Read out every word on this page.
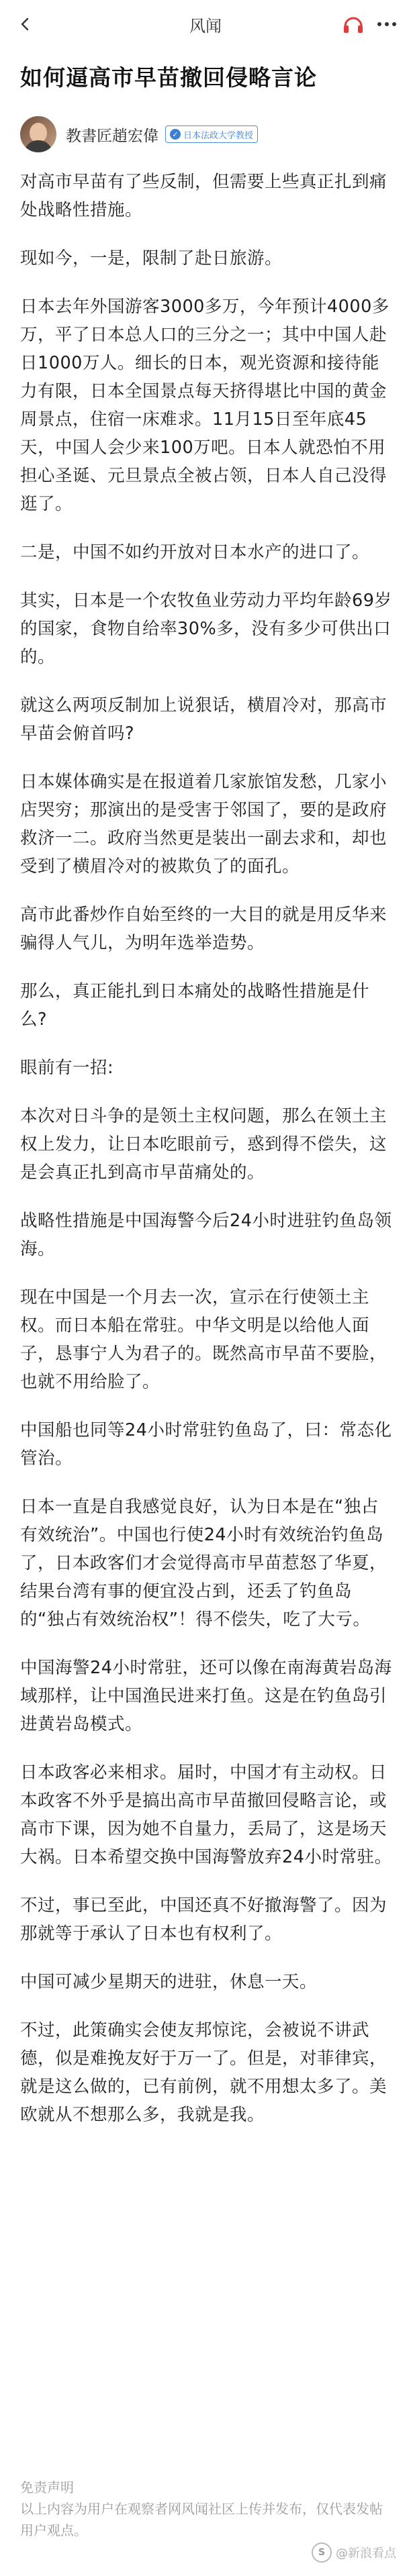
风闻
如何逼高市早苗撤回侵略言论
教書匠趙宏偉	✓ 日本法政大学教授

对高市早苗有了些反制，但需要上些真正扎到痛处战略性措施。

现如今，一是，限制了赴日旅游。

日本去年外国游客3000多万，今年预计4000多万，平了日本总人口的三分之一；其中中国人赴日1000万人。细长的日本，观光资源和接待能力有限，日本全国景点每天挤得堪比中国的黄金周景点，住宿一床难求。11月15日至年底45天，中国人会少来100万吧。日本人就恐怕不用担心圣诞、元旦景点全被占领，日本人自己没得逛了。

二是，中国不如约开放对日本水产的进口了。

其实，日本是一个农牧鱼业劳动力平均年龄69岁的国家，食物自给率30%多，没有多少可供出口的。

就这么两项反制加上说狠话，横眉冷对，那高市早苗会俯首吗?

日本媒体确实是在报道着几家旅馆发愁，几家小店哭穷；那演出的是受害于邻国了，要的是政府救济一二。政府当然更是装出一副去求和，却也受到了横眉冷对的被欺负了的面孔。

高市此番炒作自始至终的一大目的就是用反华来骗得人气儿，为明年选举造势。

那么，真正能扎到日本痛处的战略性措施是什么?

眼前有一招:

本次对日斗争的是领土主权问题，那么在领土主权上发力，让日本吃眼前亏，惑到得不偿失，这是会真正扎到高市早苗痛处的。

战略性措施是中国海警今后24小时进驻钓鱼岛领海。

现在中国是一个月去一次，宣示在行使领土主权。而日本船在常驻。中华文明是以给他人面子，恳事宁人为君子的。既然高市早苗不要脸，也就不用给脸了。

中国船也同等24小时常驻钓鱼岛了，曰：常态化管治。

日本一直是自我感觉良好，认为日本是在“独占有效统治”。中国也行使24小时有效统治钓鱼岛了，日本政客们才会觉得高市早苗惹怒了华夏，结果台湾有事的便宜没占到，还丢了钓鱼岛的“独占有效统治权”！得不偿失，吃了大亏。

中国海警24小时常驻，还可以像在南海黄岩岛海域那样，让中国渔民进来打鱼。这是在钓鱼岛引进黄岩岛模式。

日本政客必来相求。届时，中国才有主动权。日本政客不外乎是搞出高市早苗撤回侵略言论，或高市下课，因为她不自量力，丢局了，这是场天大祸。日本希望交换中国海警放弃24小时常驻。

不过，事已至此，中国还真不好撤海警了。因为那就等于承认了日本也有权利了。

中国可减少星期天的进驻，休息一天。

不过，此策确实会使友邦惊诧，会被说不讲武德，似是难挽友好于万一了。但是，对菲律宾，就是这么做的，已有前例，就不用想太多了。美欧就从不想那么多，我就是我。

免责声明
以上内容为用户在观察者网风闻社区上传并发布，仅代表发帖用户观点。
S @新浪看点
